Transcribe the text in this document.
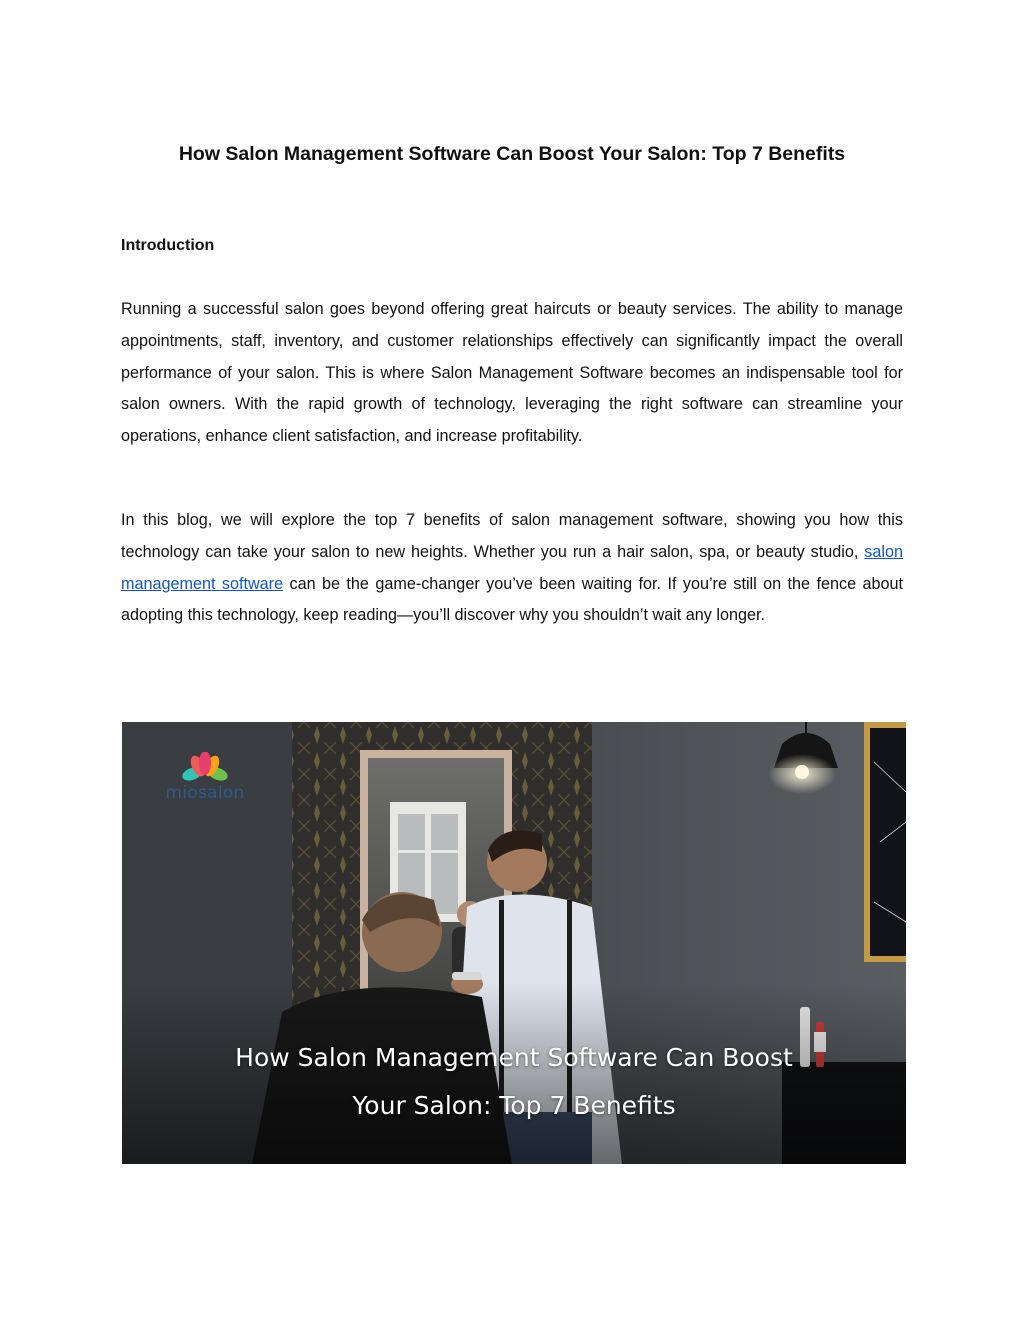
How Salon Management Software Can Boost Your Salon: Top 7 Benefits
Introduction

Running a successful salon goes beyond offering great haircuts or beauty services. The ability to manage appointments, staff, inventory, and customer relationships effectively can significantly impact the overall performance of your salon. This is where Salon Management Software becomes an indispensable tool for salon owners. With the rapid growth of technology, leveraging the right software can streamline your operations, enhance client satisfaction, and increase profitability.

In this blog, we will explore the top 7 benefits of salon management software, showing you how this technology can take your salon to new heights. Whether you run a hair salon, spa, or beauty studio, salon management software can be the game-changer you’ve been waiting for. If you’re still on the fence about adopting this technology, keep reading—you’ll discover why you shouldn’t wait any longer.

miosalon
How Salon Management Software Can Boost
Your Salon: Top 7 Benefits
